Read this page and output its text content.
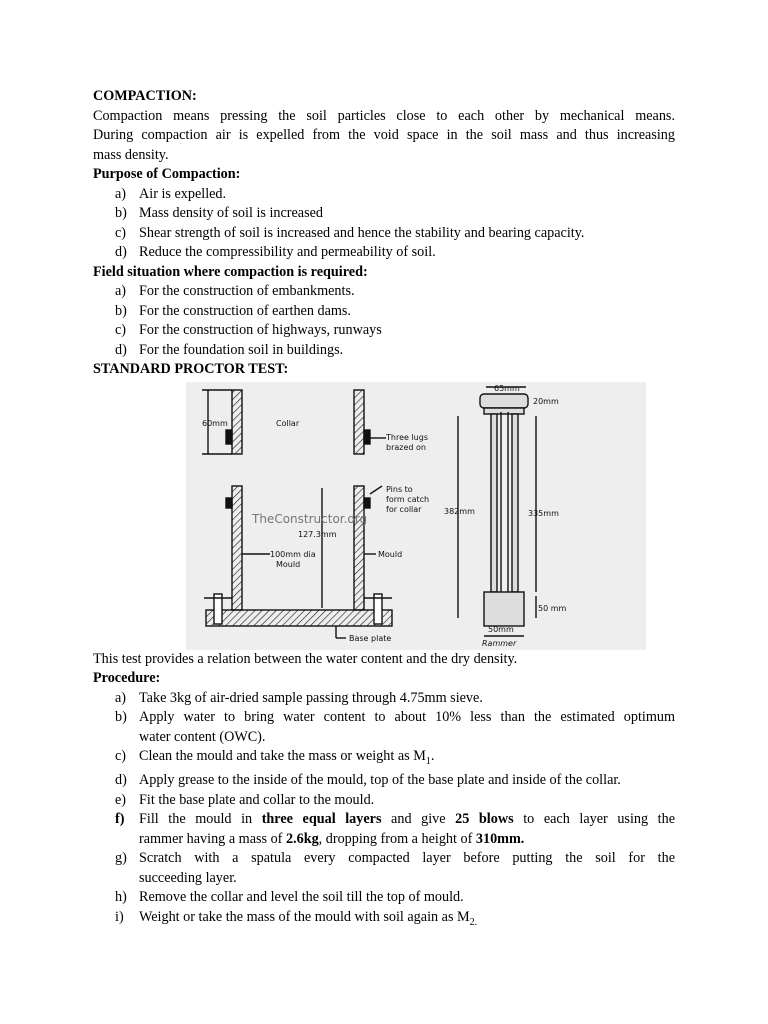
COMPACTION:
Compaction means pressing the soil particles close to each other by mechanical means.
During compaction air is expelled from the void space in the soil mass and thus increasing
mass density.
Purpose of Compaction:
a) Air is expelled.
b) Mass density of soil is increased
c) Shear strength of soil is increased and hence the stability and bearing capacity.
d) Reduce the compressibility and permeability of soil.
Field situation where compaction is required:
a) For the construction of embankments.
b) For the construction of earthen dams.
c) For the construction of highways, runways
d) For the foundation soil in buildings.
STANDARD PROCTOR TEST:
60mm	Collar
Three lugs
brazed on
Pins to
form catch
for collar
TheConstructor.org
127.3mm
100mm dia
Mould
Mould
Base plate
65mm
20mm
382mm	335mm
50 mm
50mm
Rammer
This test provides a relation between the water content and the dry density.
Procedure:
a) Take 3kg of air-dried sample passing through 4.75mm sieve.
b) Apply water to bring water content to about 10% less than the estimated optimum
water content (OWC).
c) Clean the mould and take the mass or weight as $M_1$.
d) Apply grease to the inside of the mould, top of the base plate and inside of the collar.
e) Fit the base plate and collar to the mould.
f)	Fill the mould in three equal layers and give 25 blows to each layer using the
rammer having a mass of 2.6kg, dropping from a height of 310mm.
g) Scratch with a spatula every compacted layer before putting the soil for the
succeeding layer.
h) Remove the collar and level the soil till the top of mould.
i)	Weight or take the mass of the mould with soil again as $M_{2.}$
